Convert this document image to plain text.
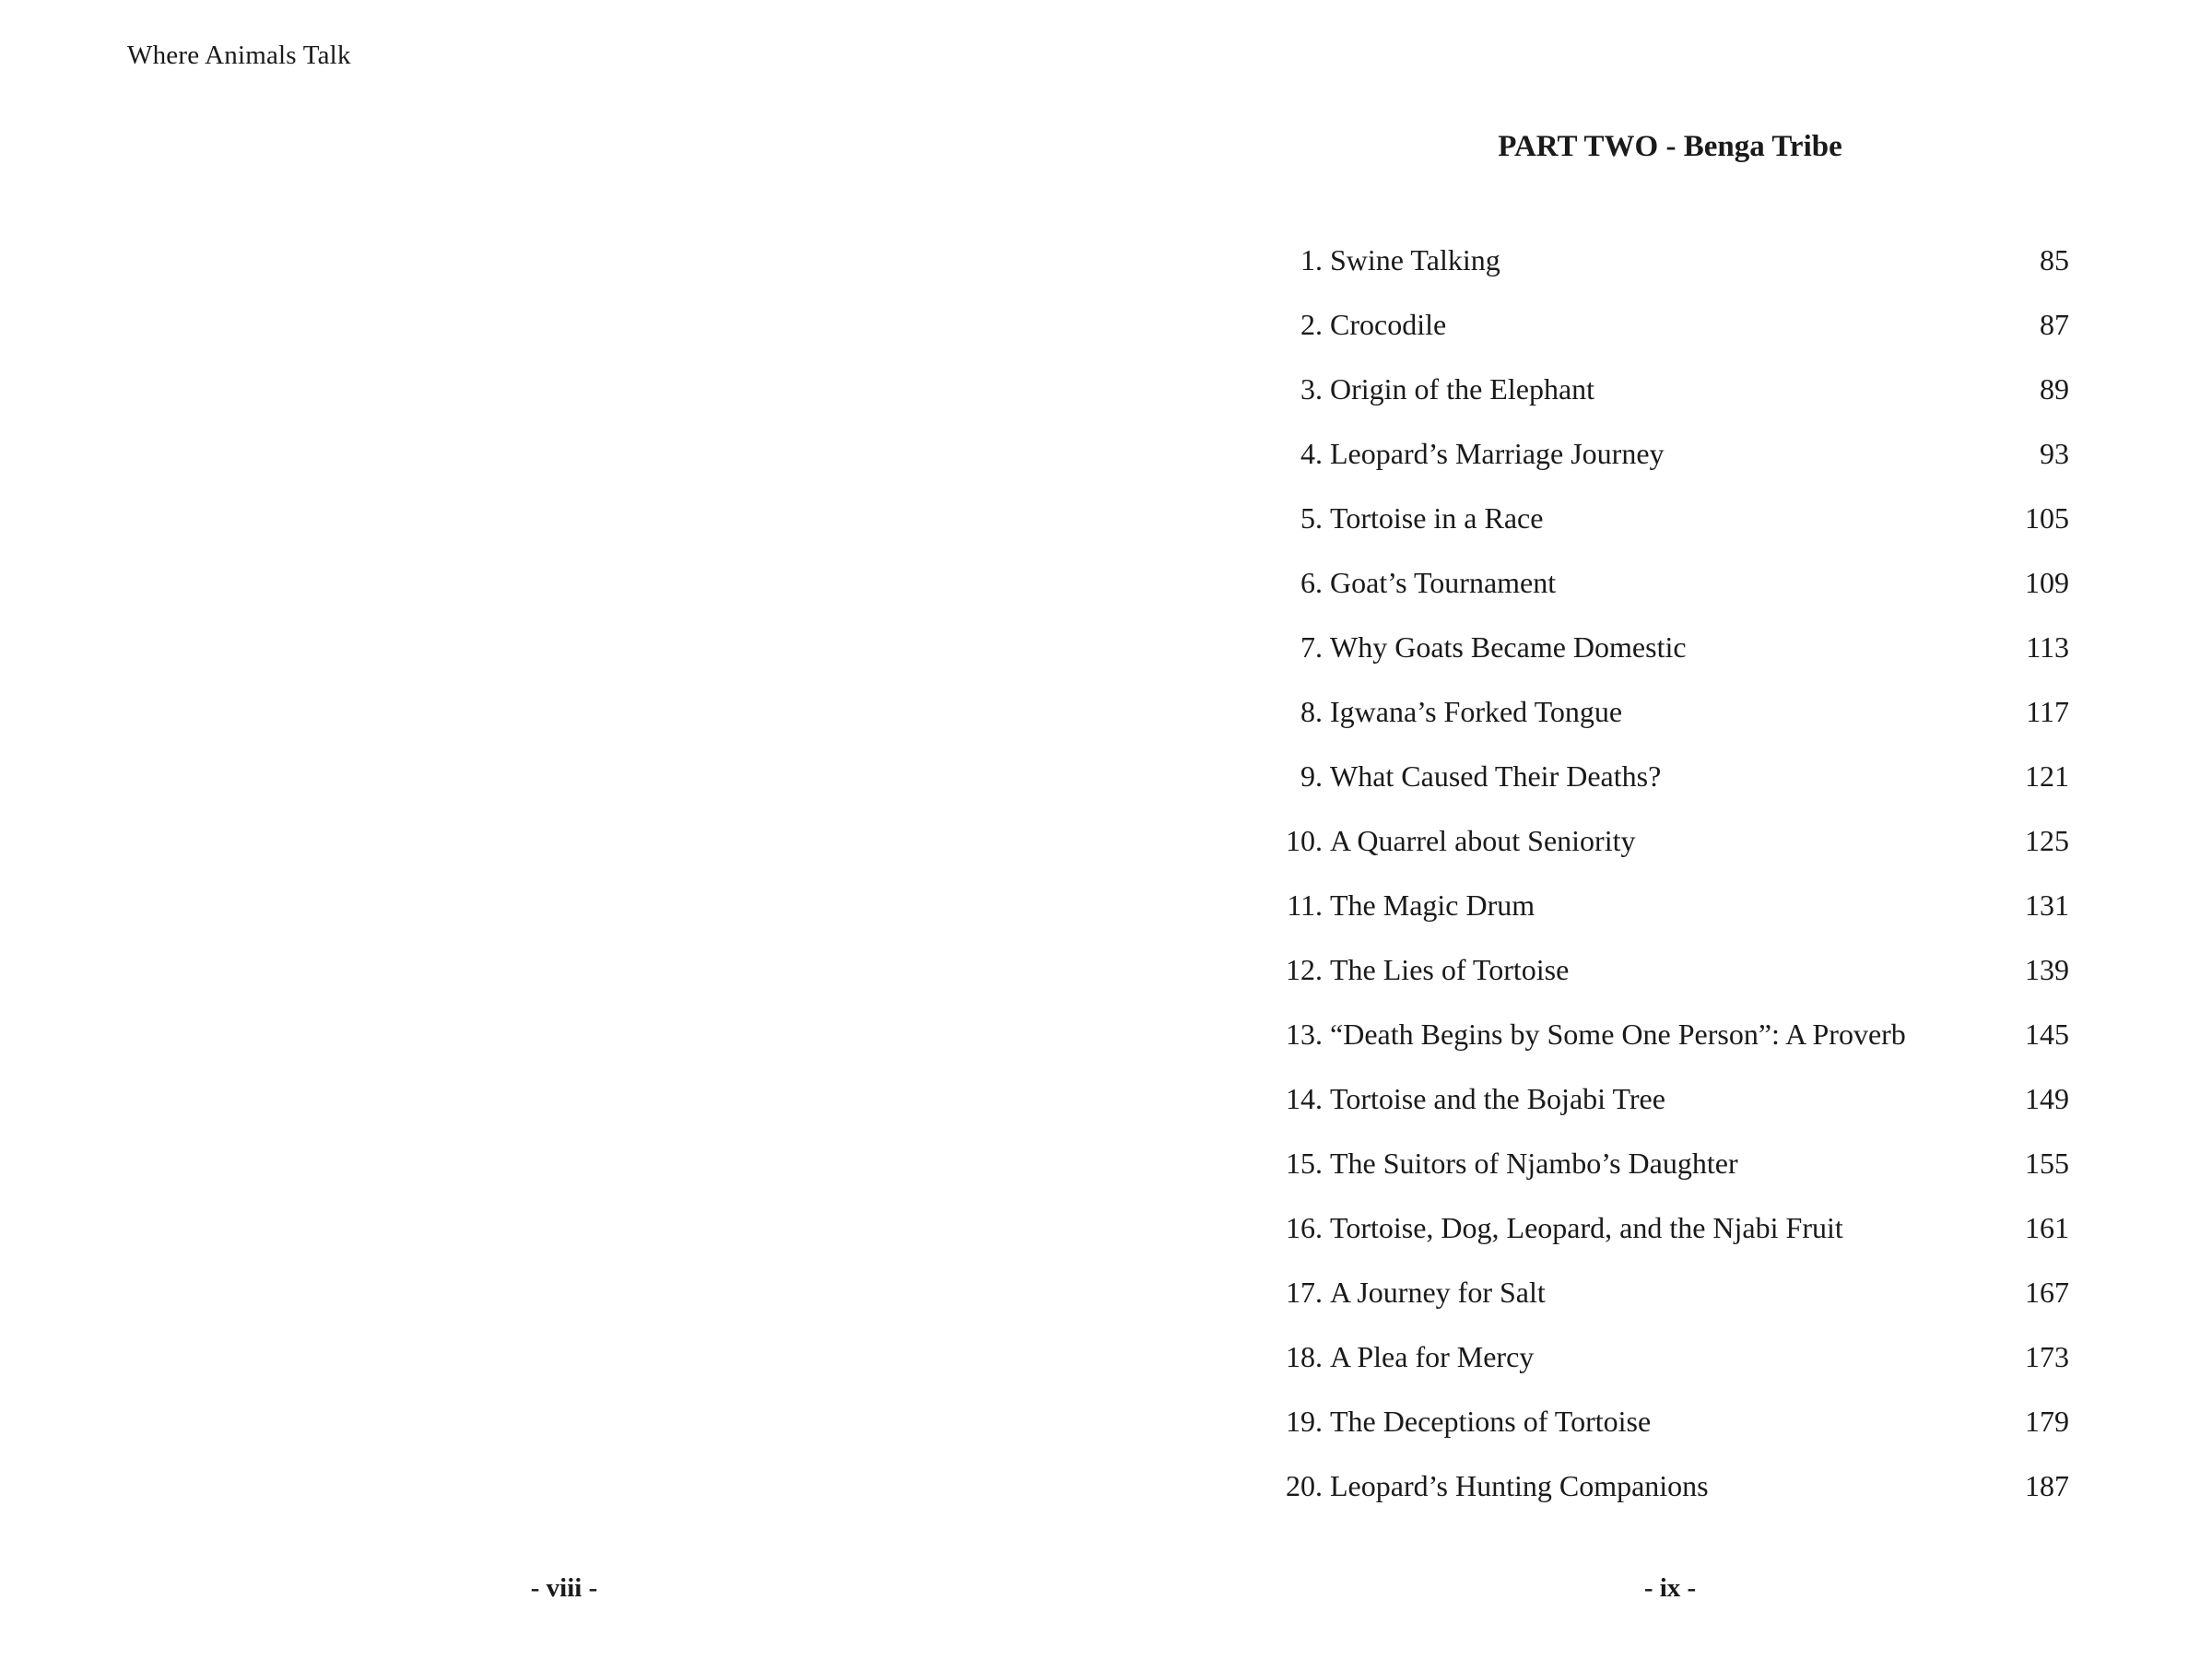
Where Animals Talk
- viii -
PART TWO - Benga Tribe
1. Swine Talking	85
2. Crocodile	87
3. Origin of the Elephant	89
4. Leopard’s Marriage Journey	93
5. Tortoise in a Race	105
6. Goat’s Tournament	109
7. Why Goats Became Domestic	113
8. Igwana’s Forked Tongue	117
9. What Caused Their Deaths?	121
10. A Quarrel about Seniority	125
11. The Magic Drum	131
12. The Lies of Tortoise	139
13. “Death Begins by Some One Person”: A Proverb	145
14. Tortoise and the Bojabi Tree	149
15. The Suitors of Njambo’s Daughter	155
16. Tortoise, Dog, Leopard, and the Njabi Fruit	161
17. A Journey for Salt	167
18. A Plea for Mercy	173
19. The Deceptions of Tortoise	179
20. Leopard’s Hunting Companions	187
- ix -
